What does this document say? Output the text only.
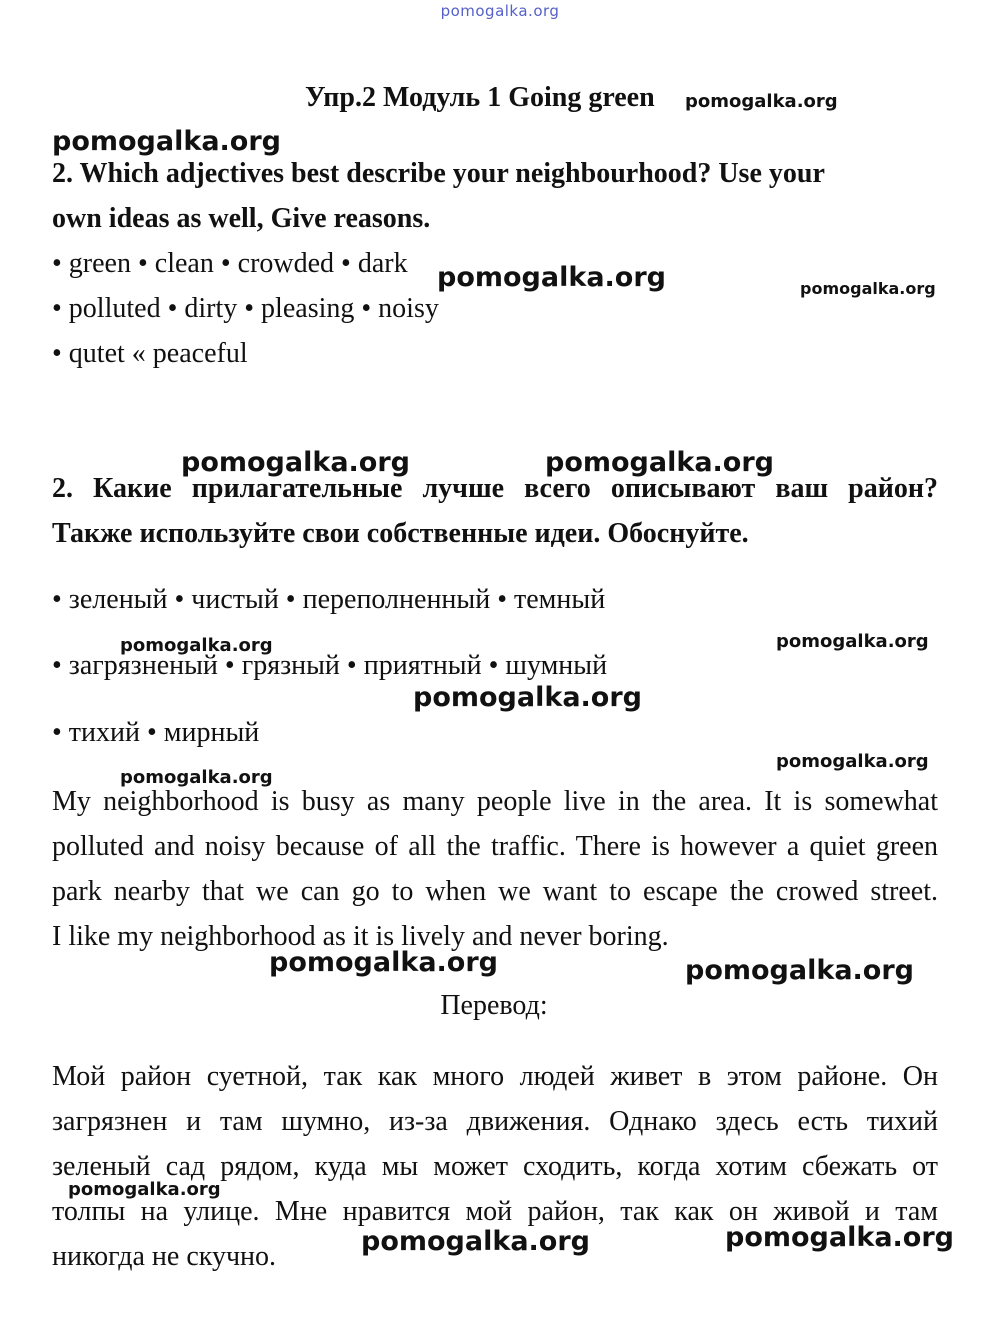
pomogalka.org
Упр.2 Модуль 1 Going green pomogalka.org
pomogalka.org
2. Which adjectives best describe your neighbourhood? Use your
own ideas as well, Give reasons.
• green • clean • crowded • dark
• polluted • dirty • pleasing • noisy
• qutet « peaceful
pomogalka.org	pomogalka.org
pomogalka.org	pomogalka.org
2. Какие прилагательные лучше всего описывают ваш район?
Также используйте свои собственные идеи. Обоснуйте.
• зеленый • чистый • переполненный • темный
pomogalka.org	pomogalka.org
• загрязненый • грязный • приятный • шумный
pomogalka.org
• тихий • мирный
pomogalka.org
pomogalka.org
My neighborhood is busy as many people live in the area. It is somewhat
polluted and noisy because of all the traffic. There is however a quiet green
park nearby that we can go to when we want to escape the crowed street.
I like my neighborhood as it is lively and never boring.
pomogalka.org	pomogalka.org
Перевод:
Мой район суетной, так как много людей живет в этом районе. Он
загрязнен и там шумно, из-за движения. Однако здесь есть тихий
зеленый сад рядом, куда мы может сходить, когда хотим сбежать от
pomogalka.org
толпы на улице. Мне нравится мой район, так как он живой и там
никогда не скучно.	pomogalka.org	pomogalka.org
